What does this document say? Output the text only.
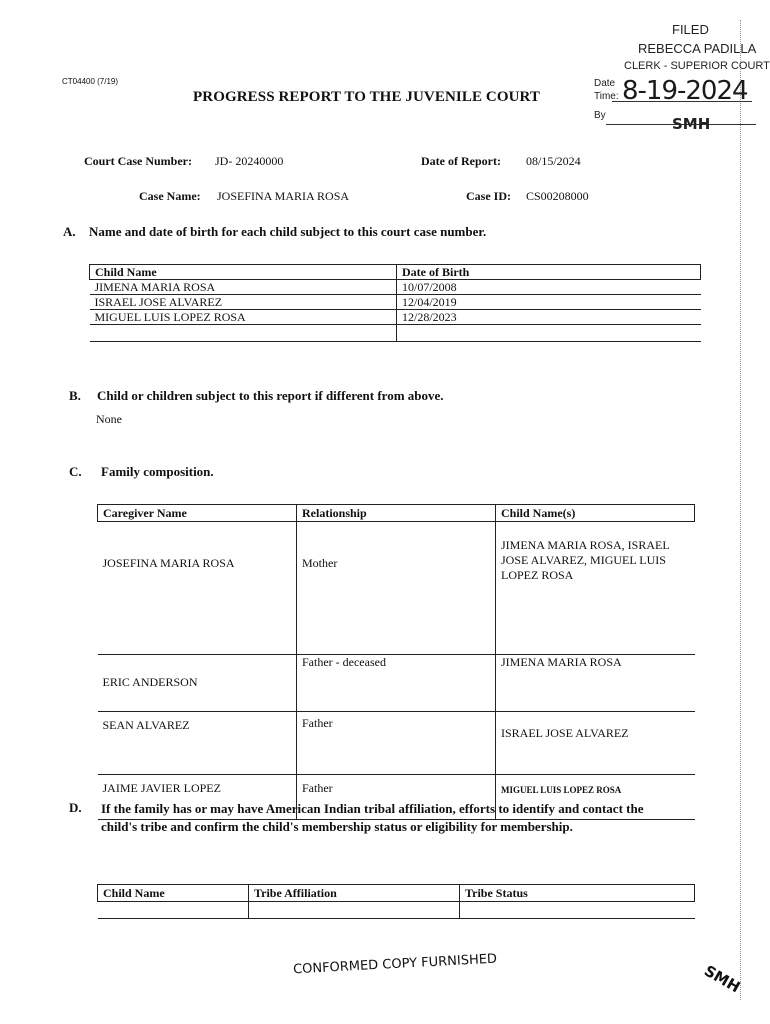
CT04400 (7/19)
PROGRESS REPORT TO THE JUVENILE COURT
FILED
REBECCA PADILLA
CLERK - SUPERIOR COURT
Date
Time:
By
8-19-2024
SMH
Court Case Number: JD- 20240000	Date of Report: 08/15/2024
Case Name: JOSEFINA MARIA ROSA	Case ID: CS00208000
A. Name and date of birth for each child subject to this court case number.
Child Name	Date of Birth
JIMENA MARIA ROSA	10/07/2008
ISRAEL JOSE ALVAREZ	12/04/2019
MIGUEL LUIS LOPEZ ROSA	12/28/2023

B. Child or children subject to this report if different from above.
None
C. Family composition.
Caregiver Name	Relationship	Child Name(s)
JOSEFINA MARIA ROSA	Mother	JIMENA MARIA ROSA, ISRAEL JOSE ALVAREZ, MIGUEL LUIS LOPEZ ROSA
ERIC ANDERSON	Father - deceased	JIMENA MARIA ROSA
SEAN ALVAREZ	Father	ISRAEL JOSE ALVAREZ
JAIME JAVIER LOPEZ	Father	MIGUEL LUIS LOPEZ ROSA
D. If the family has or may have American Indian tribal affiliation, efforts to identify and contact the child's tribe and confirm the child's membership status or eligibility for membership.
Child Name	Tribe Affiliation	Tribe Status

CONFORMED COPY FURNISHED	SMH
